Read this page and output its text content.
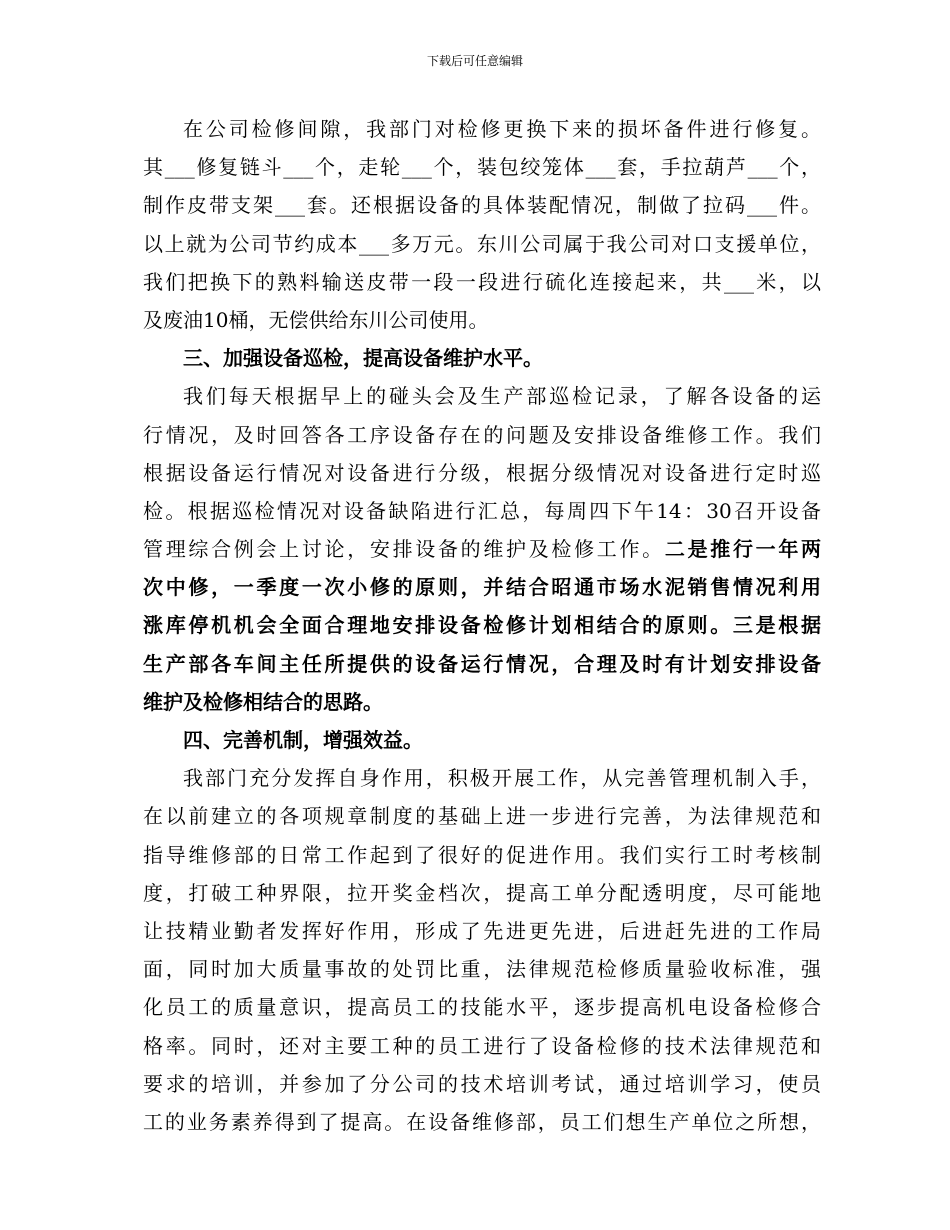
下载后可任意编辑
在公司检修间隙，我部门对检修更换下来的损坏备件进行修复。
其___修复链斗___个，走轮___个，装包绞笼体___套，手拉葫芦___个，
制作皮带支架___套。还根据设备的具体装配情况，制做了拉码___件。
以上就为公司节约成本___多万元。东川公司属于我公司对口支援单位，
我们把换下的熟料输送皮带一段一段进行硫化连接起来，共___米，以
及废油10桶，无偿供给东川公司使用。
三、加强设备巡检，提高设备维护水平。
我们每天根据早上的碰头会及生产部巡检记录，了解各设备的运
行情况，及时回答各工序设备存在的问题及安排设备维修工作。我们
根据设备运行情况对设备进行分级，根据分级情况对设备进行定时巡
检。根据巡检情况对设备缺陷进行汇总，每周四下午14：30召开设备
管理综合例会上讨论，安排设备的维护及检修工作。二是推行一年两
次中修，一季度一次小修的原则，并结合昭通市场水泥销售情况利用
涨库停机机会全面合理地安排设备检修计划相结合的原则。三是根据
生产部各车间主任所提供的设备运行情况，合理及时有计划安排设备
维护及检修相结合的思路。
四、完善机制，增强效益。
我部门充分发挥自身作用，积极开展工作，从完善管理机制入手，
在以前建立的各项规章制度的基础上进一步进行完善，为法律规范和
指导维修部的日常工作起到了很好的促进作用。我们实行工时考核制
度，打破工种界限，拉开奖金档次，提高工单分配透明度，尽可能地
让技精业勤者发挥好作用，形成了先进更先进，后进赶先进的工作局
面，同时加大质量事故的处罚比重，法律规范检修质量验收标准，强
化员工的质量意识，提高员工的技能水平，逐步提高机电设备检修合
格率。同时，还对主要工种的员工进行了设备检修的技术法律规范和
要求的培训，并参加了分公司的技术培训考试，通过培训学习，使员
工的业务素养得到了提高。在设备维修部，员工们想生产单位之所想，
